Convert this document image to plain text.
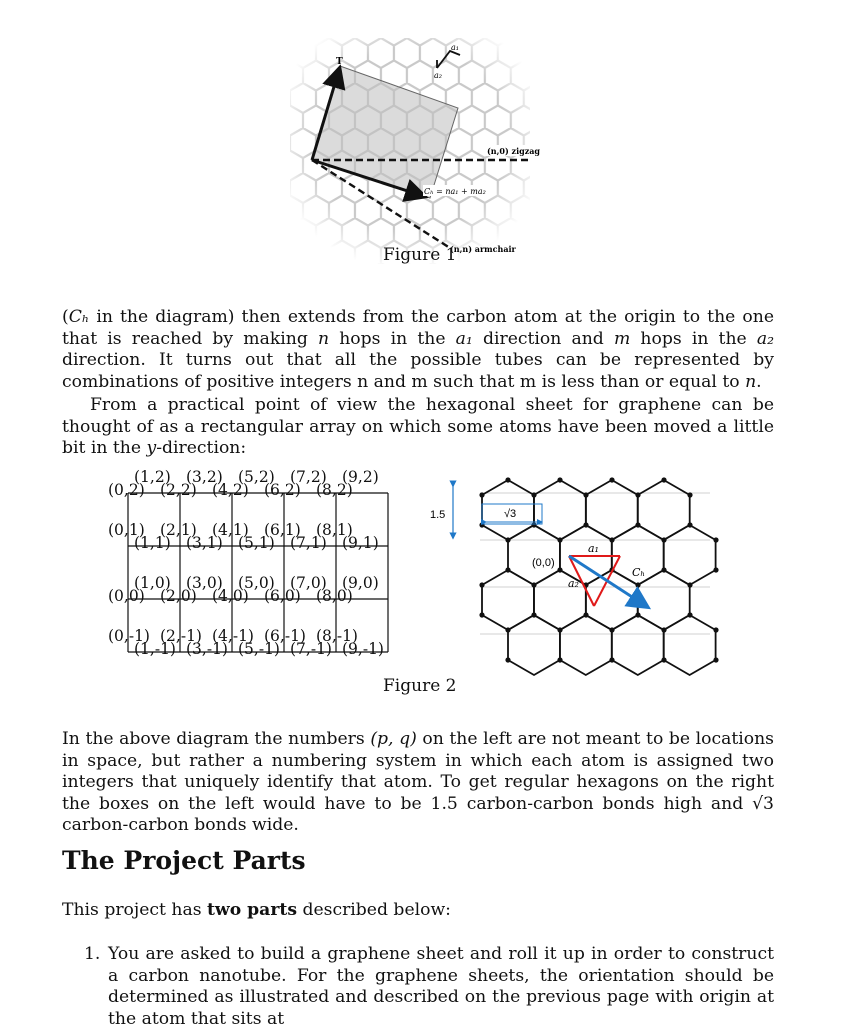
T
a₁
a₂
(n,0) zigzag
Cₕ = na₁ + ma₂
(n,n) armchair
Figure 1
(Cₕ in the diagram) then extends from the carbon atom at the origin to the one that is reached by making n hops in the a₁ direction and m hops in the a₂ direction. It turns out that all the possible tubes can be represented by combinations of positive integers n and m such that m is less than or equal to n.
From a practical point of view the hexagonal sheet for graphene can be thought of as a rectangular array on which some atoms have been moved a little bit in the y-direction:
(1,2) (3,2) (5,2) (7,2) (9,2)
(0,2) (2,2) (4,2) (6,2) (8,2)
(0,1) (2,1) (4,1) (6,1) (8,1)
(1,1) (3,1) (5,1) (7,1) (9,1)
(1,0) (3,0) (5,0) (7,0) (9,0)
(0,0) (2,0) (4,0) (6,0) (8,0)
(0,-1) (2,-1) (4,-1) (6,-1) (8,-1)
(1,-1) (3,-1) (5,-1) (7,-1) (9,-1)
1.5	√3
(0,0)
a₁
a₂
Cₕ
Figure 2
In the above diagram the numbers (p, q) on the left are not meant to be locations in space, but rather a numbering system in which each atom is assigned two integers that uniquely identify that atom. To get regular hexagons on the right the boxes on the left would have to be 1.5 carbon-carbon bonds high and √3 carbon-carbon bonds wide.
The Project Parts
This project has two parts described below:
1. You are asked to build a graphene sheet and roll it up in order to construct a carbon nanotube. For the graphene sheets, the orientation should be determined as illustrated and described on the previous page with origin at the atom that sits at
